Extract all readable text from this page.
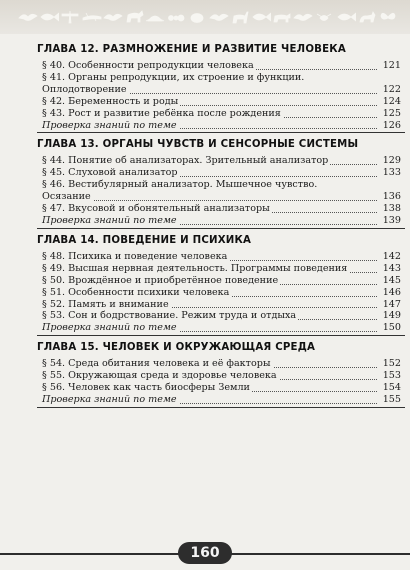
ГЛАВА 12. РАЗМНОЖЕНИЕ И РАЗВИТИЕ ЧЕЛОВЕКА
§ 40. Особенности репродукции человека	121
§ 41. Органы репродукции, их строение и функции.
Оплодотворение	122
§ 42. Беременность и роды	124
§ 43. Рост и развитие ребёнка после рождения	125
Проверка знаний по теме	126
ГЛАВА 13. ОРГАНЫ ЧУВСТВ И СЕНСОРНЫЕ СИСТЕМЫ
§ 44. Понятие об анализаторах. Зрительный анализатор	129
§ 45. Слуховой анализатор	133
§ 46. Вестибулярный анализатор. Мышечное чувство.
Осязание	136
§ 47. Вкусовой и обонятельный анализаторы	138
Проверка знаний по теме	139
ГЛАВА 14. ПОВЕДЕНИЕ И ПСИХИКА
§ 48. Психика и поведение человека	142
§ 49. Высшая нервная деятельность. Программы поведения	143
§ 50. Врождённое и приобретённое поведение	145
§ 51. Особенности психики человека	146
§ 52. Память и внимание	147
§ 53. Сон и бодрствование. Режим труда и отдыха	149
Проверка знаний по теме	150
ГЛАВА 15. ЧЕЛОВЕК И ОКРУЖАЮЩАЯ СРЕДА
§ 54. Среда обитания человека и её факторы	152
§ 55. Окружающая среда и здоровье человека	153
§ 56. Человек как часть биосферы Земли	154
Проверка знаний по теме	155
160
